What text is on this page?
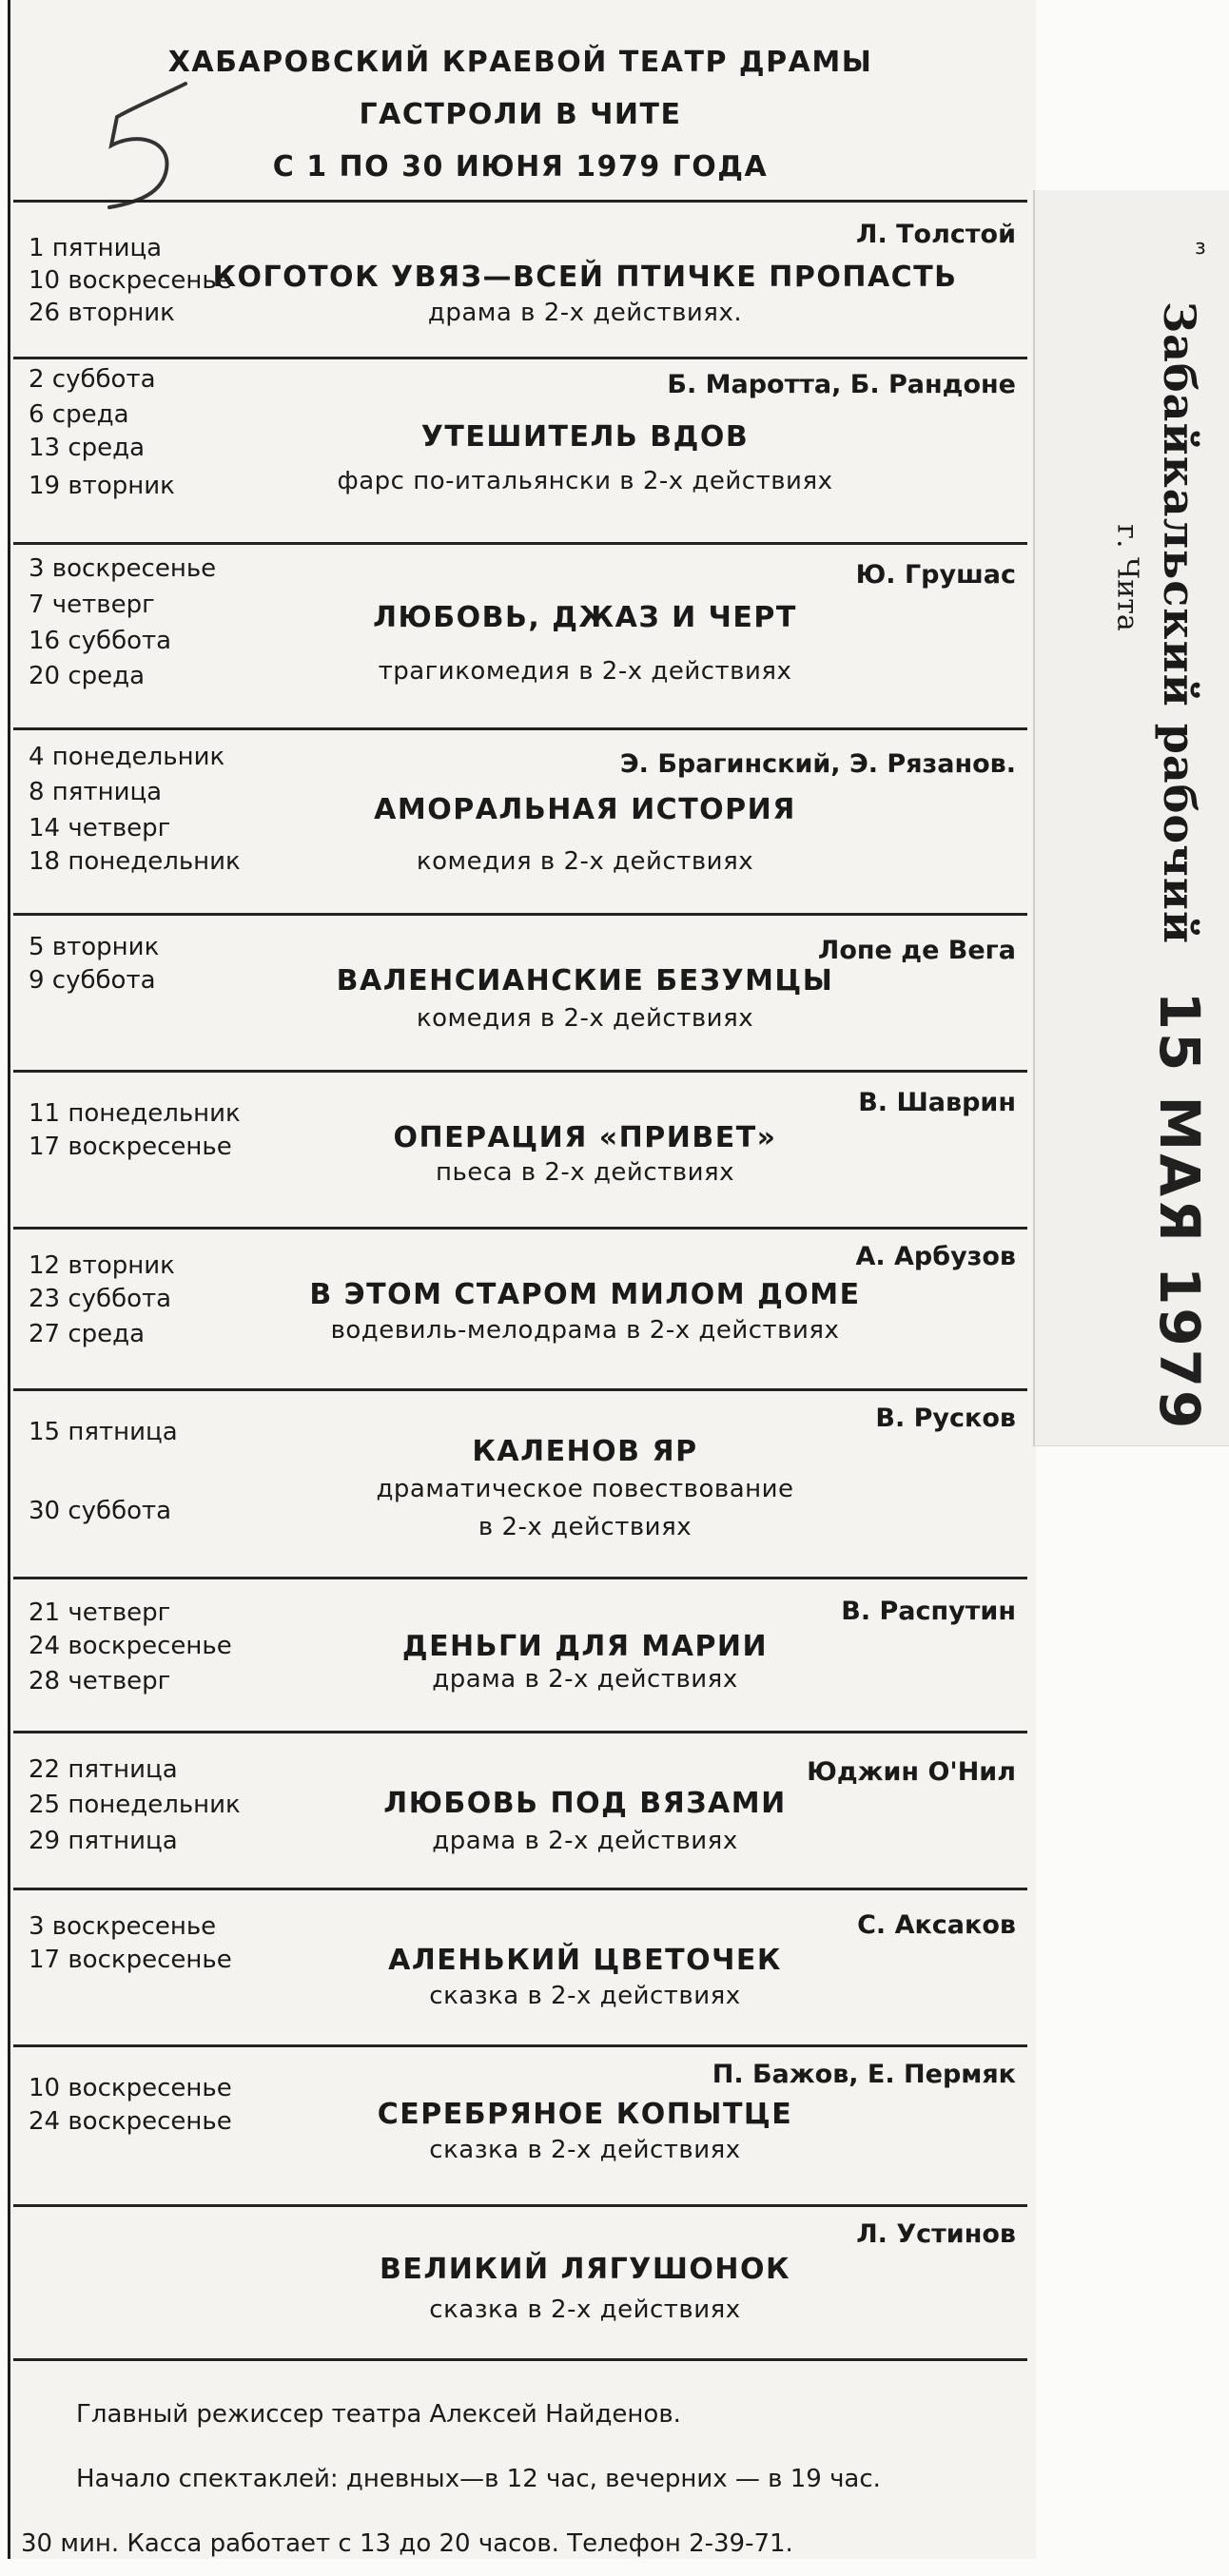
Забайкальский рабочий
г. Чита
15 МАЯ 1979
з
ХАБАРОВСКИЙ КРАЕВОЙ ТЕАТР ДРАМЫ
ГАСТРОЛИ В ЧИТЕ
С 1 ПО 30 ИЮНЯ 1979 ГОДА
1 пятница
10 воскресенье
26 вторник
Л. Толстой
КОГОТОК УВЯЗ—ВСЕЙ ПТИЧКЕ ПРОПАСТЬ
драма в 2-х действиях.
2 суббота
6 среда
13 среда
19 вторник
Б. Маротта, Б. Рандоне
УТЕШИТЕЛЬ ВДОВ
фарс по-итальянски в 2-х действиях
3 воскресенье
7 четверг
16 суббота
20 среда
Ю. Грушас
ЛЮБОВЬ, ДЖАЗ И ЧЕРТ
трагикомедия в 2-х действиях
4 понедельник
8 пятница
14 четверг
18 понедельник
Э. Брагинский, Э. Рязанов.
АМОРАЛЬНАЯ ИСТОРИЯ
комедия в 2-х действиях
5 вторник
9 суббота
Лопе де Вега
ВАЛЕНСИАНСКИЕ БЕЗУМЦЫ
комедия в 2-х действиях
11 понедельник
17 воскресенье
В. Шаврин
ОПЕРАЦИЯ «ПРИВЕТ»
пьеса в 2-х действиях
12 вторник
23 суббота
27 среда
А. Арбузов
В ЭТОМ СТАРОМ МИЛОМ ДОМЕ
водевиль-мелодрама в 2-х действиях
15 пятница
30 суббота
В. Русков
КАЛЕНОВ ЯР
драматическое повествование
в 2-х действиях
21 четверг
24 воскресенье
28 четверг
В. Распутин
ДЕНЬГИ ДЛЯ МАРИИ
драма в 2-х действиях
22 пятница
25 понедельник
29 пятница
Юджин О'Нил
ЛЮБОВЬ ПОД ВЯЗАМИ
драма в 2-х действиях
3 воскресенье
17 воскресенье
С. Аксаков
АЛЕНЬКИЙ ЦВЕТОЧЕК
сказка в 2-х действиях
10 воскресенье
24 воскресенье
П. Бажов, Е. Пермяк
СЕРЕБРЯНОЕ КОПЫТЦЕ
сказка в 2-х действиях
Л. Устинов
ВЕЛИКИЙ ЛЯГУШОНОК
сказка в 2-х действиях
Главный режиссер театра Алексей Найденов.
Начало спектаклей: дневных—в 12 час, вечерних — в 19 час.
30 мин. Касса работает с 13 до 20 часов. Телефон 2-39-71.
